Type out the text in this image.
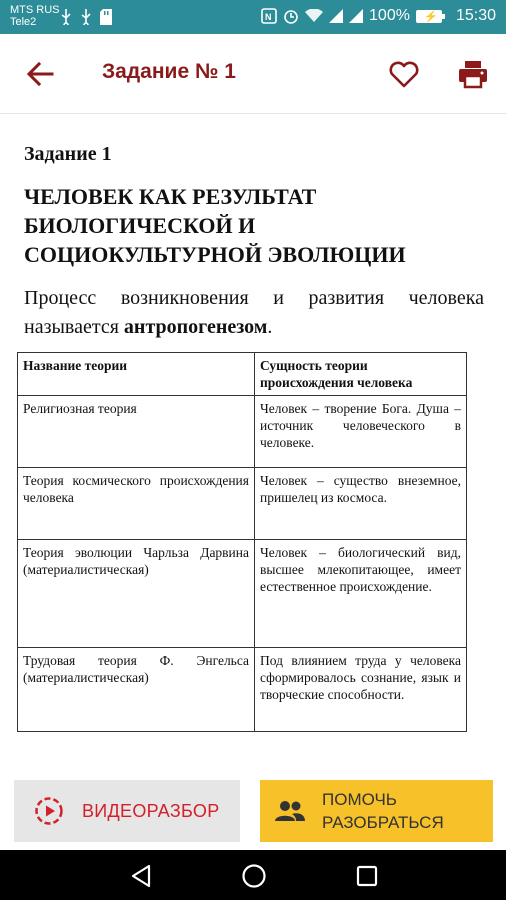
MTS RUS
Tele2	N	100% ⚡ 15:30
Задание № 1
Задание 1
ЧЕЛОВЕК КАК РЕЗУЛЬТАТ БИОЛОГИЧЕСКОЙ И СОЦИОКУЛЬТУРНОЙ ЭВОЛЮЦИИ
Процесс возникновения и развития человека называется антропогенезом.
Название теории	Сущность теории происхождения человека
Религиозная теория	Человек – творение Бога. Душа – источник человеческого в человеке.
Теория космического происхождения человека	Человек – существо внеземное, пришелец из космоса.
Теория эволюции Чарльза Дарвина (материалистическая)	Человек – биологический вид, высшее млекопитающее, имеет естественное происхождение.
Трудовая теория Ф. Энгельса (материалистическая)	Под влиянием труда у человека сформировалось сознание, язык и творческие способности.
ВИДЕОРАЗБОР
ПОМОЧЬ
РАЗОБРАТЬСЯ
